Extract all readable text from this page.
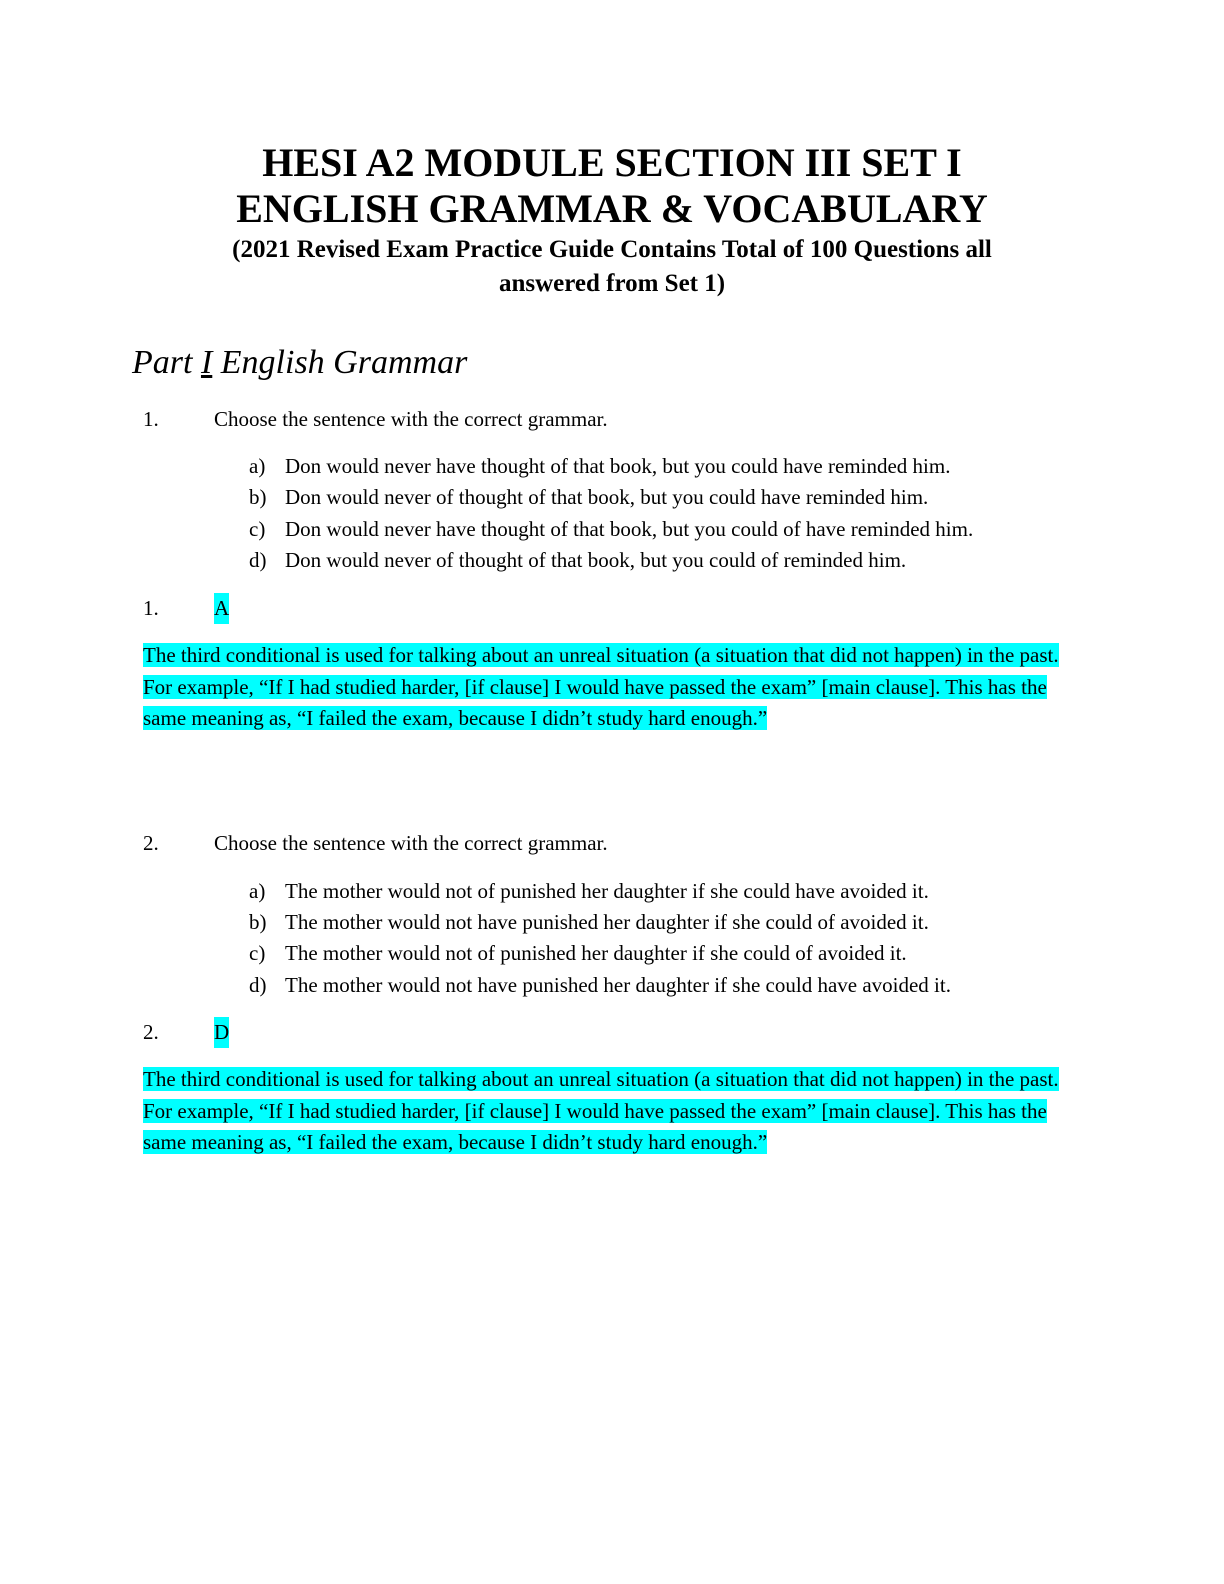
HESI A2 MODULE SECTION III SET I
ENGLISH GRAMMAR & VOCABULARY
(2021 Revised Exam Practice Guide Contains Total of 100 Questions all
answered from Set 1)
Part I English Grammar
1.	Choose the sentence with the correct grammar.
a) Don would never have thought of that book, but you could have reminded him.
b) Don would never of thought of that book, but you could have reminded him.
c) Don would never have thought of that book, but you could of have reminded him.
d) Don would never of thought of that book, but you could of reminded him.
1.	A
The third conditional is used for talking about an unreal situation (a situation that did not happen) in the past. For example, “If I had studied harder, [if clause] I would have passed the exam” [main clause]. This has the same meaning as, “I failed the exam, because I didn’t study hard enough.”
2.	Choose the sentence with the correct grammar.
a) The mother would not of punished her daughter if she could have avoided it.
b) The mother would not have punished her daughter if she could of avoided it.
c) The mother would not of punished her daughter if she could of avoided it.
d) The mother would not have punished her daughter if she could have avoided it.
2.	D
The third conditional is used for talking about an unreal situation (a situation that did not happen) in the past. For example, “If I had studied harder, [if clause] I would have passed the exam” [main clause]. This has the same meaning as, “I failed the exam, because I didn’t study hard enough.”
